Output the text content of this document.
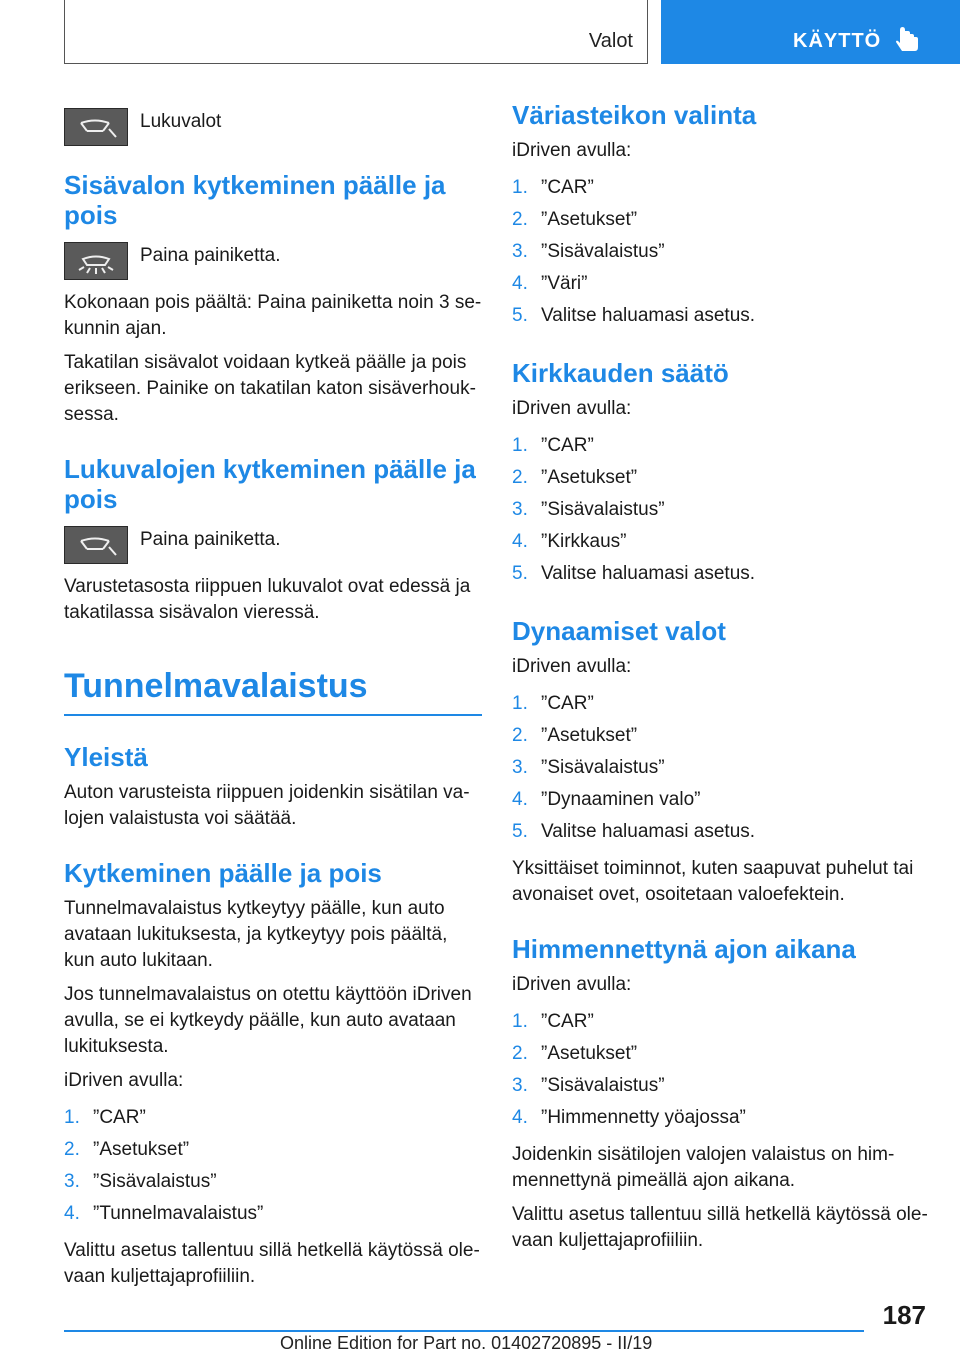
Valot	KÄYTTÖ
Lukuvalot
Sisävalon kytkeminen päälle ja pois
Paina painiketta.

Kokonaan pois päältä: Paina painiketta noin 3 sekunnin ajan.

Takatilan sisävalot voidaan kytkeä päälle ja pois erikseen. Painike on takatilan katon sisäverhouksessa.

Lukuvalojen kytkeminen päälle ja pois
Paina painiketta.

Varustetasosta riippuen lukuvalot ovat edessä ja takatilassa sisävalon vieressä.

Tunnelmavalaistus
Yleistä

Auton varusteista riippuen joidenkin sisätilan valojen valaistusta voi säätää.

Kytkeminen päälle ja pois

Tunnelmavalaistus kytkeytyy päälle, kun auto avataan lukituksesta, ja kytkeytyy pois päältä, kun auto lukitaan.

Jos tunnelmavalaistus on otettu käyttöön iDriven avulla, se ei kytkeydy päälle, kun auto avataan lukituksesta.

iDriven avulla:

1. ”CAR”
2. ”Asetukset”
3. ”Sisävalaistus”
4. ”Tunnelmavalaistus”

Valittu asetus tallentuu sillä hetkellä käytössä olevaan kuljettajaprofiiliin.

Väriasteikon valinta

iDriven avulla:

1. ”CAR”
2. ”Asetukset”
3. ”Sisävalaistus”
4. ”Väri”
5. Valitse haluamasi asetus.
Kirkkauden säätö

iDriven avulla:

1. ”CAR”
2. ”Asetukset”
3. ”Sisävalaistus”
4. ”Kirkkaus”
5. Valitse haluamasi asetus.
Dynaamiset valot

iDriven avulla:

1. ”CAR”
2. ”Asetukset”
3. ”Sisävalaistus”
4. ”Dynaaminen valo”
5. Valitse haluamasi asetus.

Yksittäiset toiminnot, kuten saapuvat puhelut tai avonaiset ovet, osoitetaan valoefektein.

Himmennettynä ajon aikana

iDriven avulla:

1. ”CAR”
2. ”Asetukset”
3. ”Sisävalaistus”
4. ”Himmennetty yöajossa”

Joidenkin sisätilojen valojen valaistus on himmennettynä pimeällä ajon aikana.

Valittu asetus tallentuu sillä hetkellä käytössä olevaan kuljettajaprofiiliin.

187
Online Edition for Part no. 01402720895 - II/19
